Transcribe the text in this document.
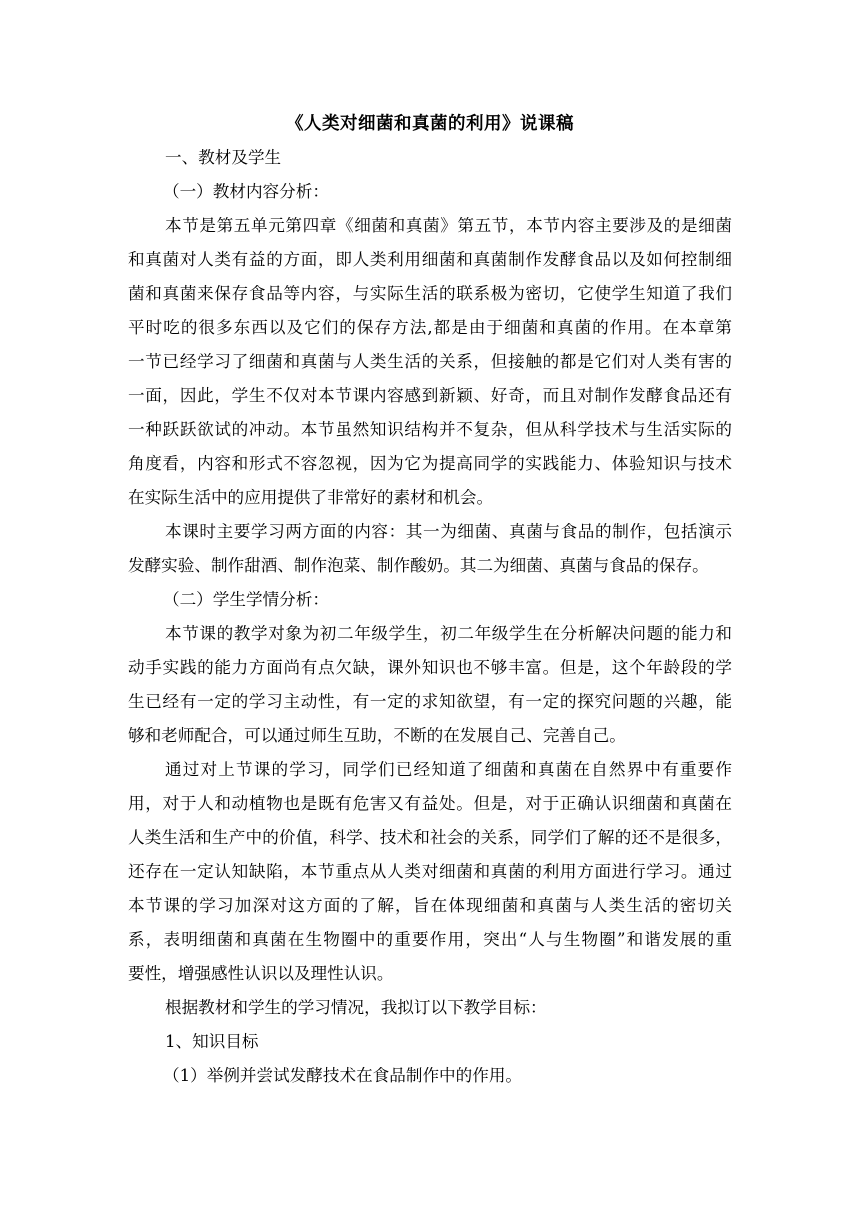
《人类对细菌和真菌的利用》说课稿
一、教材及学生
（一）教材内容分析：
本节是第五单元第四章《细菌和真菌》第五节，本节内容主要涉及的是细菌
和真菌对人类有益的方面，即人类利用细菌和真菌制作发酵食品以及如何控制细
菌和真菌来保存食品等内容，与实际生活的联系极为密切，它使学生知道了我们
平时吃的很多东西以及它们的保存方法,都是由于细菌和真菌的作用。在本章第
一节已经学习了细菌和真菌与人类生活的关系，但接触的都是它们对人类有害的
一面，因此，学生不仅对本节课内容感到新颖、好奇，而且对制作发酵食品还有
一种跃跃欲试的冲动。本节虽然知识结构并不复杂，但从科学技术与生活实际的
角度看，内容和形式不容忽视，因为它为提高同学的实践能力、体验知识与技术
在实际生活中的应用提供了非常好的素材和机会。
本课时主要学习两方面的内容：其一为细菌、真菌与食品的制作，包括演示
发酵实验、制作甜酒、制作泡菜、制作酸奶。其二为细菌、真菌与食品的保存。
（二）学生学情分析：
本节课的教学对象为初二年级学生，初二年级学生在分析解决问题的能力和
动手实践的能力方面尚有点欠缺，课外知识也不够丰富。但是，这个年龄段的学
生已经有一定的学习主动性，有一定的求知欲望，有一定的探究问题的兴趣，能
够和老师配合，可以通过师生互助，不断的在发展自己、完善自己。
通过对上节课的学习，同学们已经知道了细菌和真菌在自然界中有重要作
用，对于人和动植物也是既有危害又有益处。但是，对于正确认识细菌和真菌在
人类生活和生产中的价值，科学、技术和社会的关系，同学们了解的还不是很多，
还存在一定认知缺陷，本节重点从人类对细菌和真菌的利用方面进行学习。通过
本节课的学习加深对这方面的了解，旨在体现细菌和真菌与人类生活的密切关
系，表明细菌和真菌在生物圈中的重要作用，突出“人与生物圈”和谐发展的重
要性，增强感性认识以及理性认识。
根据教材和学生的学习情况，我拟订以下教学目标：
1、知识目标
（1）举例并尝试发酵技术在食品制作中的作用。
